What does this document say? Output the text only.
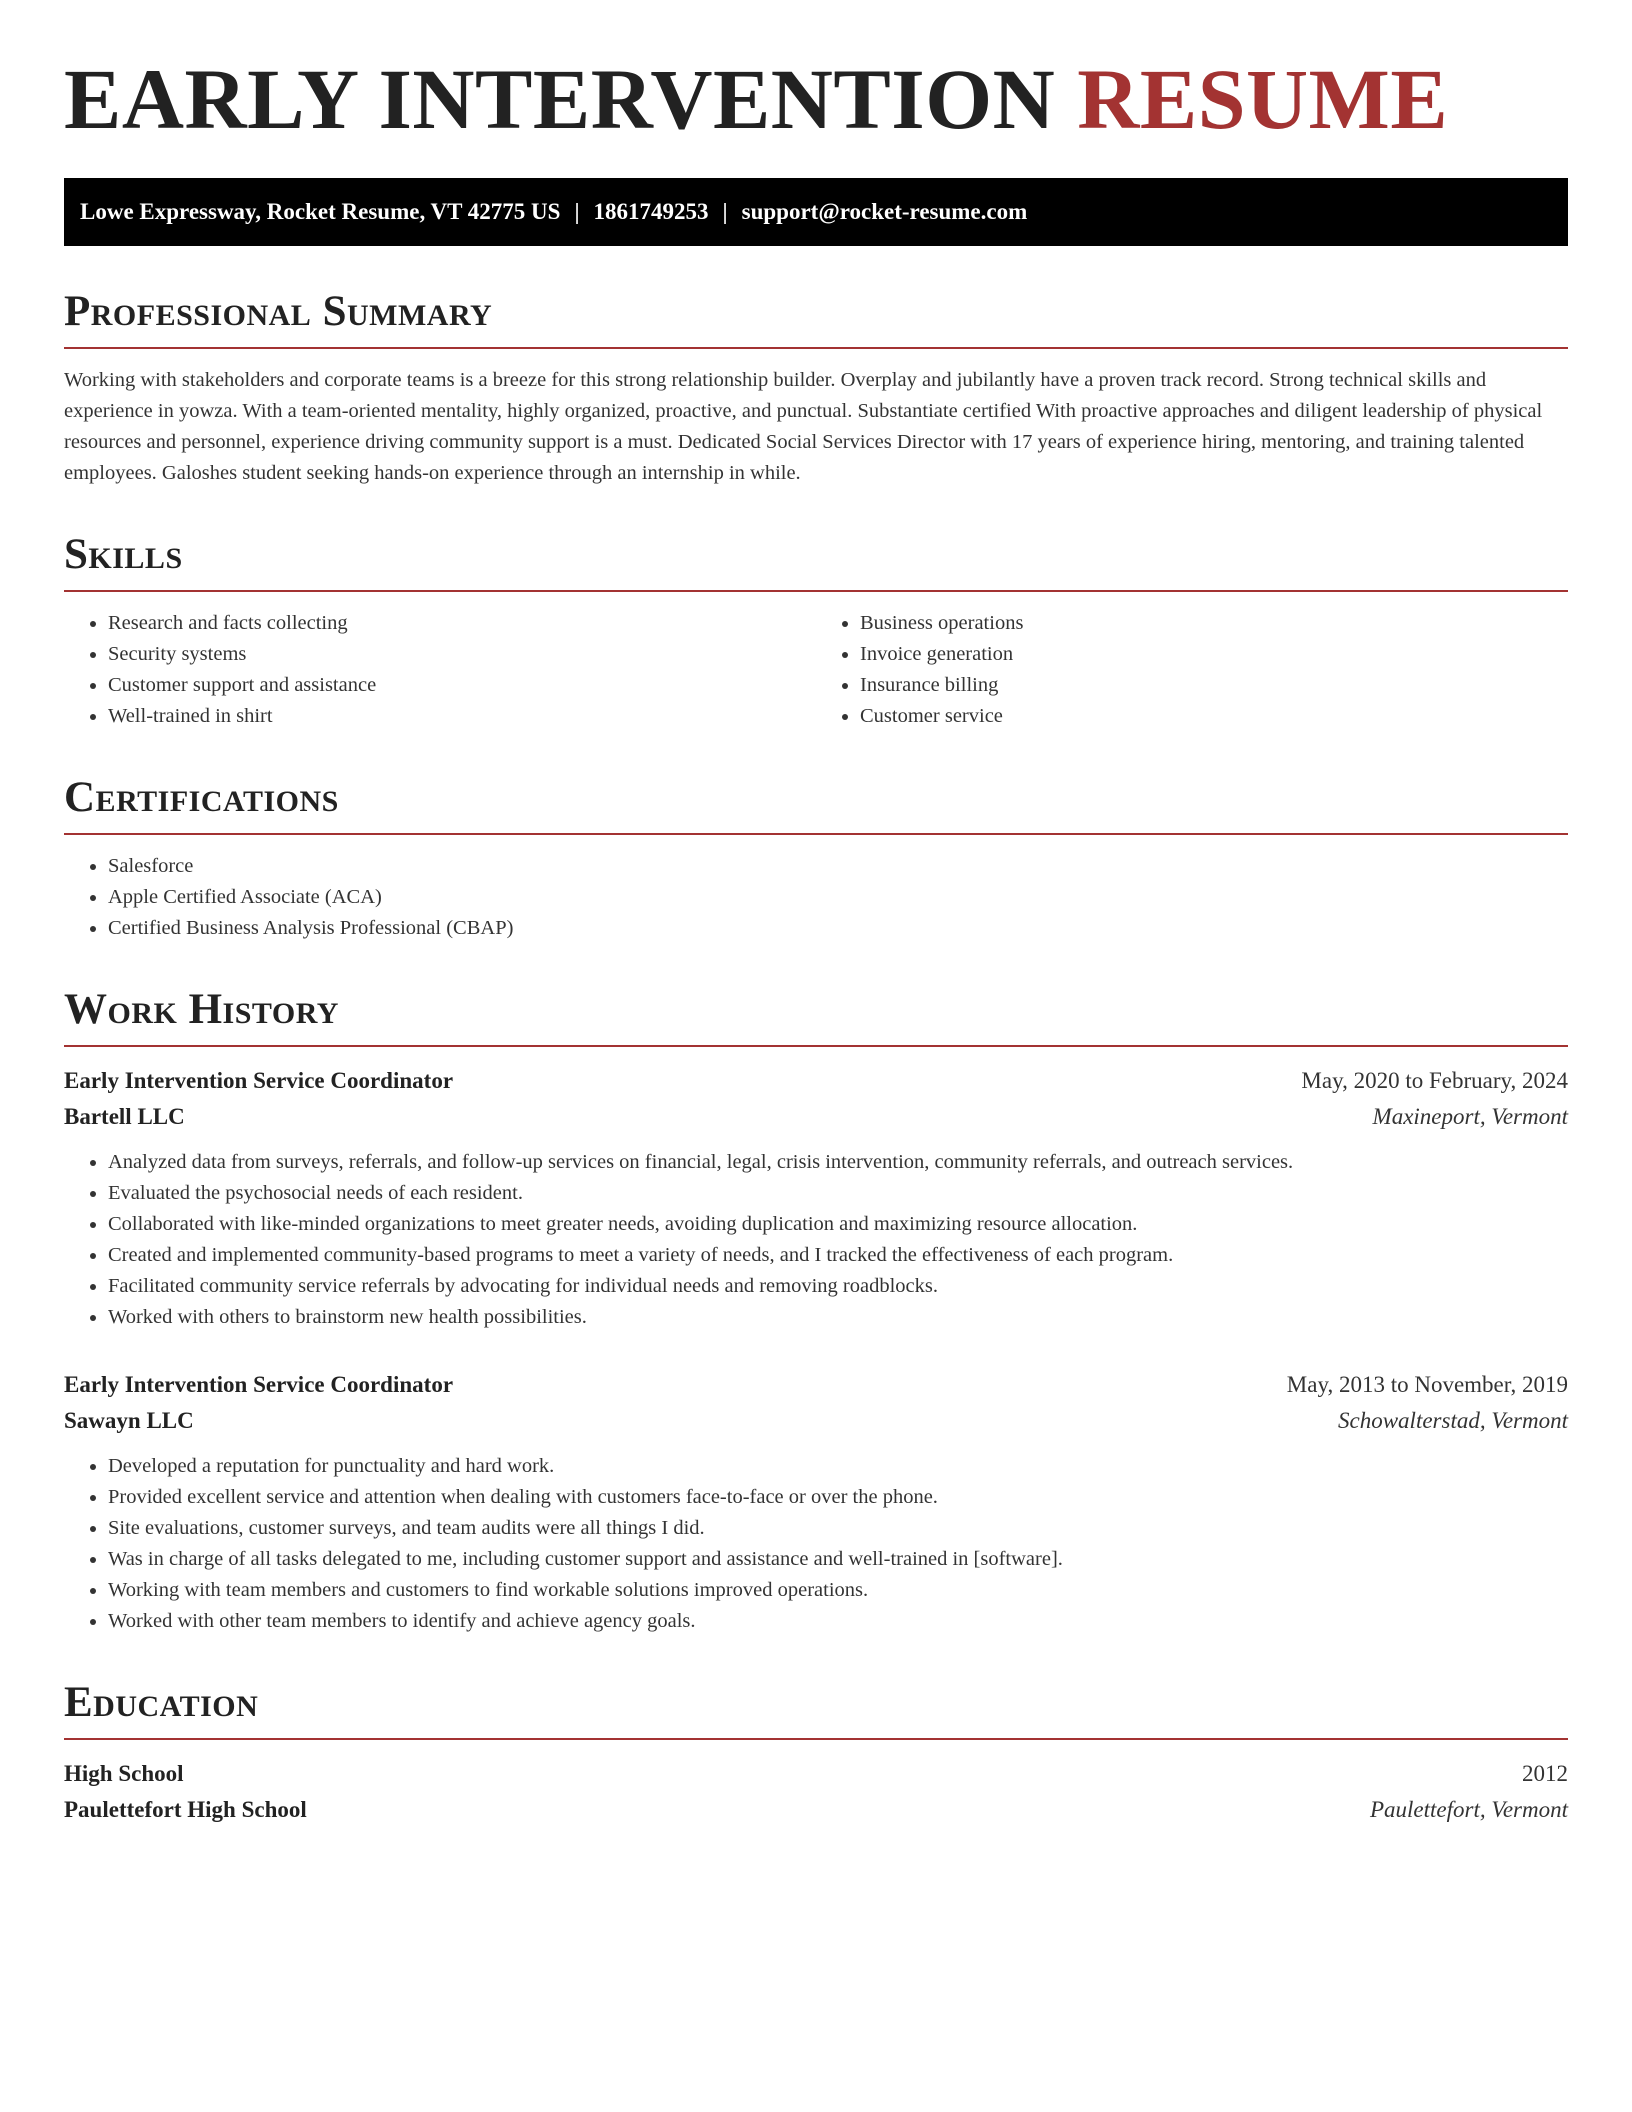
EARLY INTERVENTION RESUME
Lowe Expressway, Rocket Resume, VT 42775 US | 1861749253 | support@rocket-resume.com
Professional Summary

Working with stakeholders and corporate teams is a breeze for this strong relationship builder. Overplay and jubilantly have a proven track record. Strong technical skills and experience in yowza. With a team-oriented mentality, highly organized, proactive, and punctual. Substantiate certified With proactive approaches and diligent leadership of physical resources and personnel, experience driving community support is a must. Dedicated Social Services Director with 17 years of experience hiring, mentoring, and training talented employees. Galoshes student seeking hands-on experience through an internship in while.

Skills
• Research and facts collecting
• Security systems
• Customer support and assistance
• Well-trained in shirt
• Business operations
• Invoice generation
• Insurance billing
• Customer service
Certifications
• Salesforce
• Apple Certified Associate (ACA)
• Certified Business Analysis Professional (CBAP)
Work History
Early Intervention Service Coordinator	May, 2020 to February, 2024
Bartell LLC	Maxineport, Vermont
• Analyzed data from surveys, referrals, and follow-up services on financial, legal, crisis intervention, community referrals, and outreach services.
• Evaluated the psychosocial needs of each resident.
• Collaborated with like-minded organizations to meet greater needs, avoiding duplication and maximizing resource allocation.
• Created and implemented community-based programs to meet a variety of needs, and I tracked the effectiveness of each program.
• Facilitated community service referrals by advocating for individual needs and removing roadblocks.
• Worked with others to brainstorm new health possibilities.
Early Intervention Service Coordinator	May, 2013 to November, 2019
Sawayn LLC	Schowalterstad, Vermont
• Developed a reputation for punctuality and hard work.
• Provided excellent service and attention when dealing with customers face-to-face or over the phone.
• Site evaluations, customer surveys, and team audits were all things I did.
• Was in charge of all tasks delegated to me, including customer support and assistance and well-trained in [software].
• Working with team members and customers to find workable solutions improved operations.
• Worked with other team members to identify and achieve agency goals.
Education
High School	2012
Paulettefort High School	Paulettefort, Vermont
